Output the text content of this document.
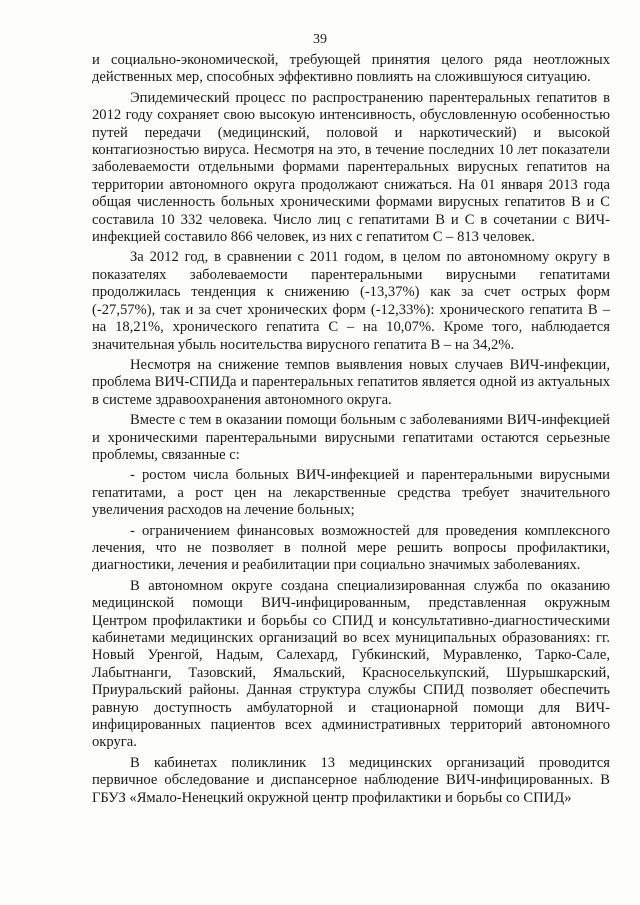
39

и социально-экономической, требующей принятия целого ряда неотложных действенных мер, способных эффективно повлиять на сложившуюся ситуацию.

Эпидемический процесс по распространению парентеральных гепатитов в 2012 году сохраняет свою высокую интенсивность, обусловленную особенностью путей передачи (медицинский, половой и наркотический) и высокой контагиозностью вируса. Несмотря на это, в течение последних 10 лет показатели заболеваемости отдельными формами парентеральных вирусных гепатитов на территории автономного округа продолжают снижаться. На 01 января 2013 года общая численность больных хроническими формами вирусных гепатитов В и С составила 10 332 человека. Число лиц с гепатитами В и С в сочетании с ВИЧ-инфекцией составило 866 человек, из них с гепатитом С – 813 человек.

За 2012 год, в сравнении с 2011 годом, в целом по автономному округу в показателях заболеваемости парентеральными вирусными гепатитами продолжилась тенденция к снижению (-13,37%) как за счет острых форм (-27,57%), так и за счет хронических форм (-12,33%): хронического гепатита В – на 18,21%, хронического гепатита С – на 10,07%. Кроме того, наблюдается значительная убыль носительства вирусного гепатита В – на 34,2%.

Несмотря на снижение темпов выявления новых случаев ВИЧ-инфекции, проблема ВИЧ-СПИДа и парентеральных гепатитов является одной из актуальных в системе здравоохранения автономного округа.

Вместе с тем в оказании помощи больным с заболеваниями ВИЧ-инфекцией и хроническими парентеральными вирусными гепатитами остаются серьезные проблемы, связанные с:

- ростом числа больных ВИЧ-инфекцией и парентеральными вирусными гепатитами, а рост цен на лекарственные средства требует значительного увеличения расходов на лечение больных;

- ограничением финансовых возможностей для проведения комплексного лечения, что не позволяет в полной мере решить вопросы профилактики, диагностики, лечения и реабилитации при социально значимых заболеваниях.

В автономном округе создана специализированная служба по оказанию медицинской помощи ВИЧ-инфицированным, представленная окружным Центром профилактики и борьбы со СПИД и консультативно-диагностическими кабинетами медицинских организаций во всех муниципальных образованиях: гг. Новый Уренгой, Надым, Салехард, Губкинский, Муравленко, Тарко-Сале, Лабытнанги, Тазовский, Ямальский, Красноселькупский, Шурышкарский, Приуральский районы. Данная структура службы СПИД позволяет обеспечить равную доступность амбулаторной и стационарной помощи для ВИЧ-инфицированных пациентов всех административных территорий автономного округа.

В кабинетах поликлиник 13 медицинских организаций проводится первичное обследование и диспансерное наблюдение ВИЧ-инфицированных. В ГБУЗ «Ямало-Ненецкий окружной центр профилактики и борьбы со СПИД»
